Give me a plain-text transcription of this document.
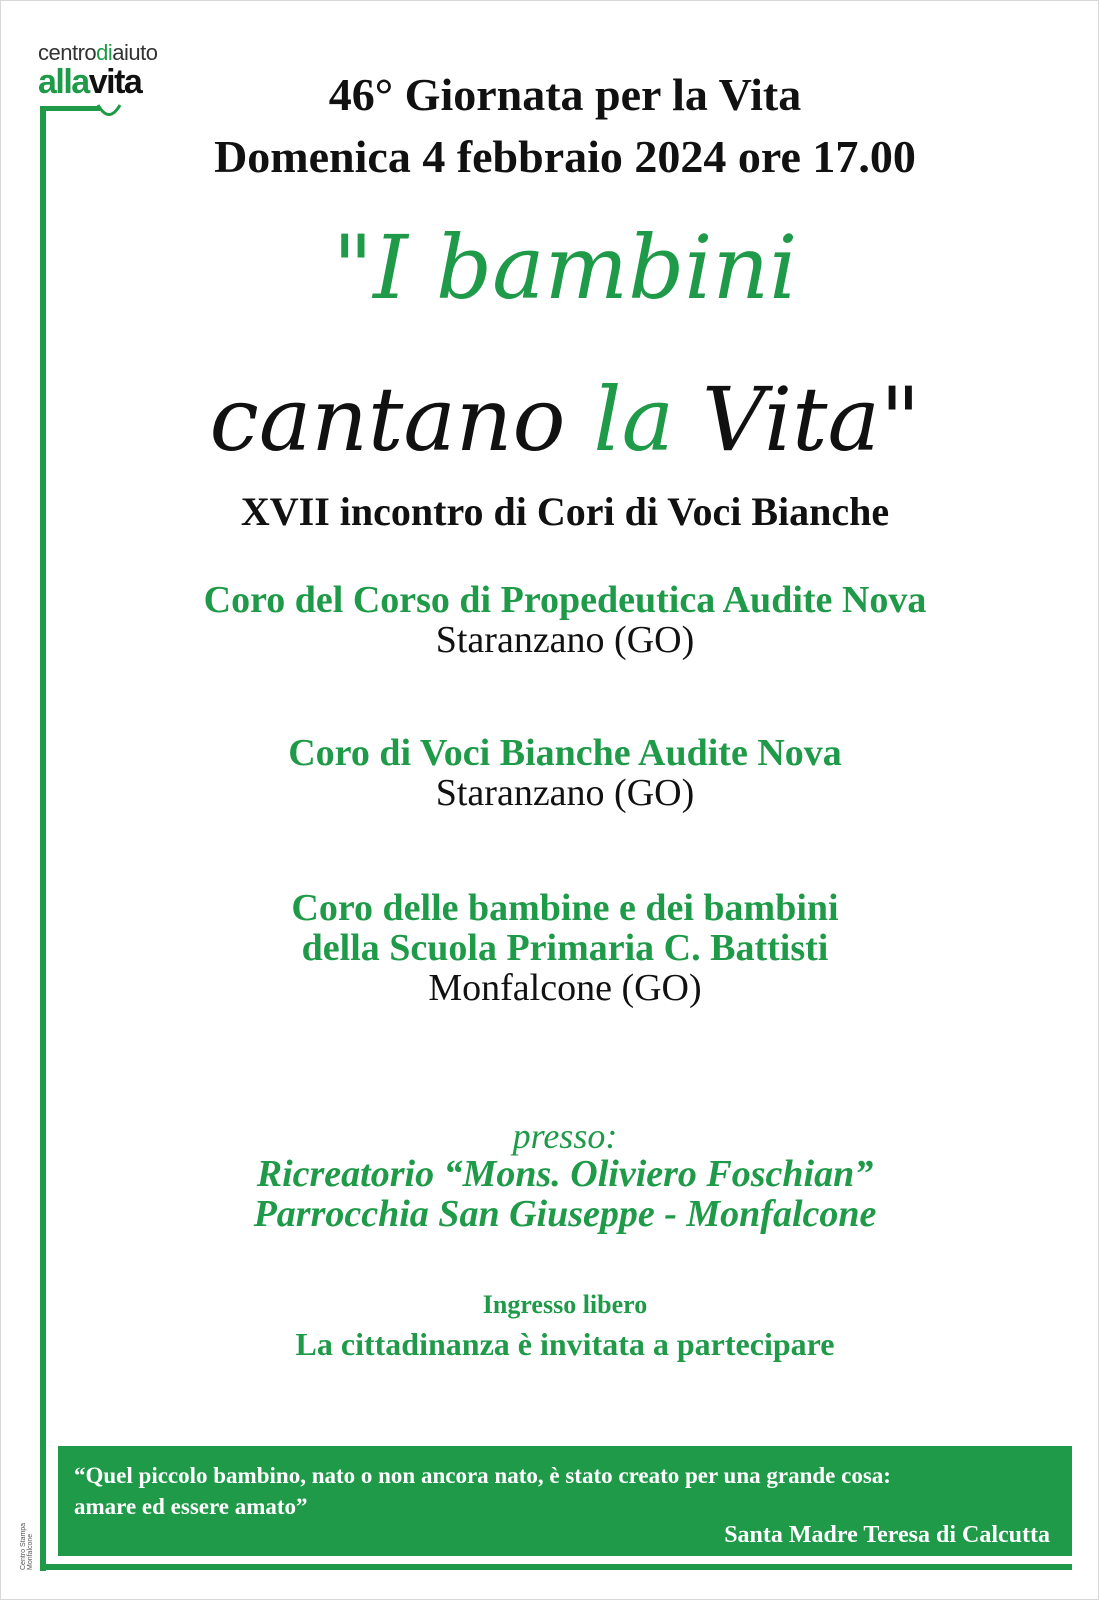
centrodiaiuto
allavita	46° Giornata per la Vita
Domenica 4 febbraio 2024 ore 17.00
"I bambini
cantano la Vita"
XVII incontro di Cori di Voci Bianche
Coro del Corso di Propedeutica Audite Nova
Staranzano (GO)
Coro di Voci Bianche Audite Nova
Staranzano (GO)
Coro delle bambine e dei bambini
della Scuola Primaria C. Battisti
Monfalcone (GO)
presso:
Ricreatorio “Mons. Oliviero Foschian”
Parrocchia San Giuseppe - Monfalcone
Ingresso libero
La cittadinanza è invitata a partecipare
“Quel piccolo bambino, nato o non ancora nato, è stato creato per una grande cosa:
amare ed essere amato”
Santa Madre Teresa di Calcutta
Centro Stampa Monfalcone
